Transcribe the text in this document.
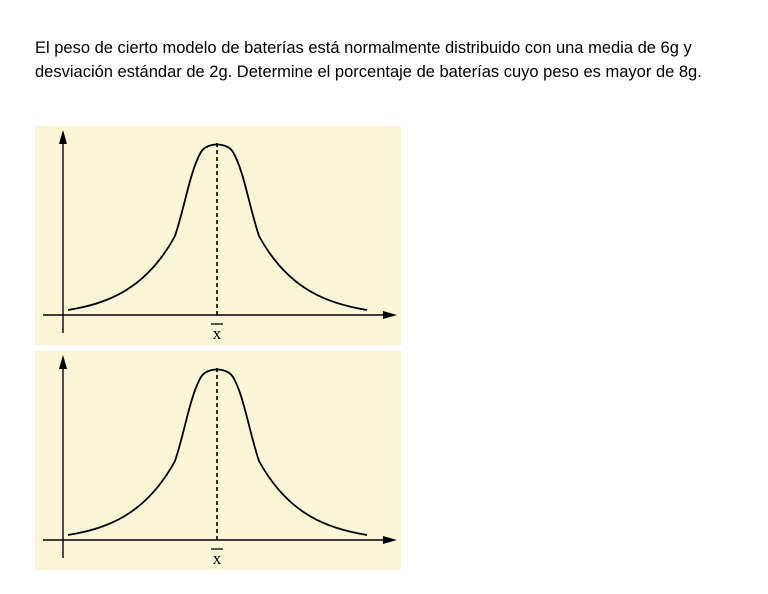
El peso de cierto modelo de baterías está normalmente distribuido con una media de 6g y desviación estándar de 2g. Determine el porcentaje de baterías cuyo peso es mayor de 8g.

x
x
